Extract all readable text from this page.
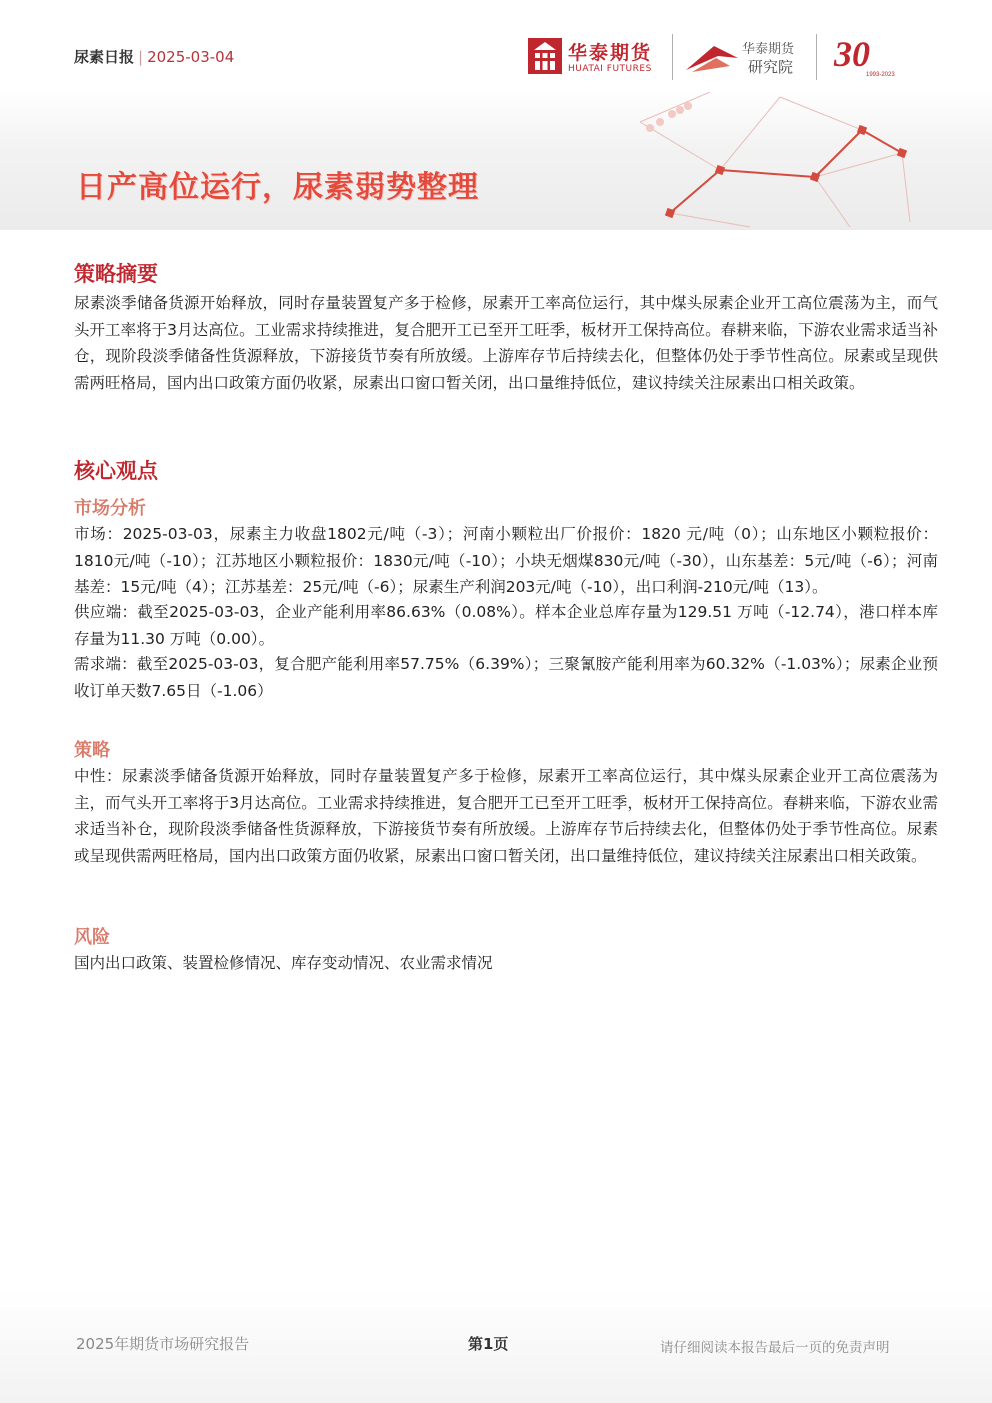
尿素日报 | 2025-03-04	华泰期货
HUATAI FUTURES
华泰期货
研究院 30
1993-2023
日产高位运行，尿素弱势整理
策略摘要
尿素淡季储备货源开始释放，同时存量装置复产多于检修，尿素开工率高位运行，其中煤头尿素企业开工高位震荡为主，而气头开工率将于3月达高位。工业需求持续推进，复合肥开工已至开工旺季，板材开工保持高位。春耕来临，下游农业需求适当补仓，现阶段淡季储备性货源释放，下游接货节奏有所放缓。上游库存节后持续去化，但整体仍处于季节性高位。尿素或呈现供需两旺格局，国内出口政策方面仍收紧，尿素出口窗口暂关闭，出口量维持低位，建议持续关注尿素出口相关政策。
核心观点
市场分析
市场：2025-03-03，尿素主力收盘1802元/吨（-3）；河南小颗粒出厂价报价：1820 元/吨（0）；山东地区小颗粒报价：1810元/吨（-10）；江苏地区小颗粒报价：1830元/吨（-10）；小块无烟煤830元/吨（-30），山东基差：5元/吨（-6）；河南基差：15元/吨（4）；江苏基差：25元/吨（-6）；尿素生产利润203元/吨（-10），出口利润-210元/吨（13）。
供应端：截至2025-03-03，企业产能利用率86.63%（0.08%）。样本企业总库存量为129.51 万吨（-12.74），港口样本库存量为11.30 万吨（0.00）。
需求端：截至2025-03-03，复合肥产能利用率57.75%（6.39%）；三聚氰胺产能利用率为60.32%（-1.03%）；尿素企业预收订单天数7.65日（-1.06）
策略
中性：尿素淡季储备货源开始释放，同时存量装置复产多于检修，尿素开工率高位运行，其中煤头尿素企业开工高位震荡为主，而气头开工率将于3月达高位。工业需求持续推进，复合肥开工已至开工旺季，板材开工保持高位。春耕来临，下游农业需求适当补仓，现阶段淡季储备性货源释放，下游接货节奏有所放缓。上游库存节后持续去化，但整体仍处于季节性高位。尿素或呈现供需两旺格局，国内出口政策方面仍收紧，尿素出口窗口暂关闭，出口量维持低位，建议持续关注尿素出口相关政策。
风险
国内出口政策、装置检修情况、库存变动情况、农业需求情况
2025年期货市场研究报告	第1页	请仔细阅读本报告最后一页的免责声明
